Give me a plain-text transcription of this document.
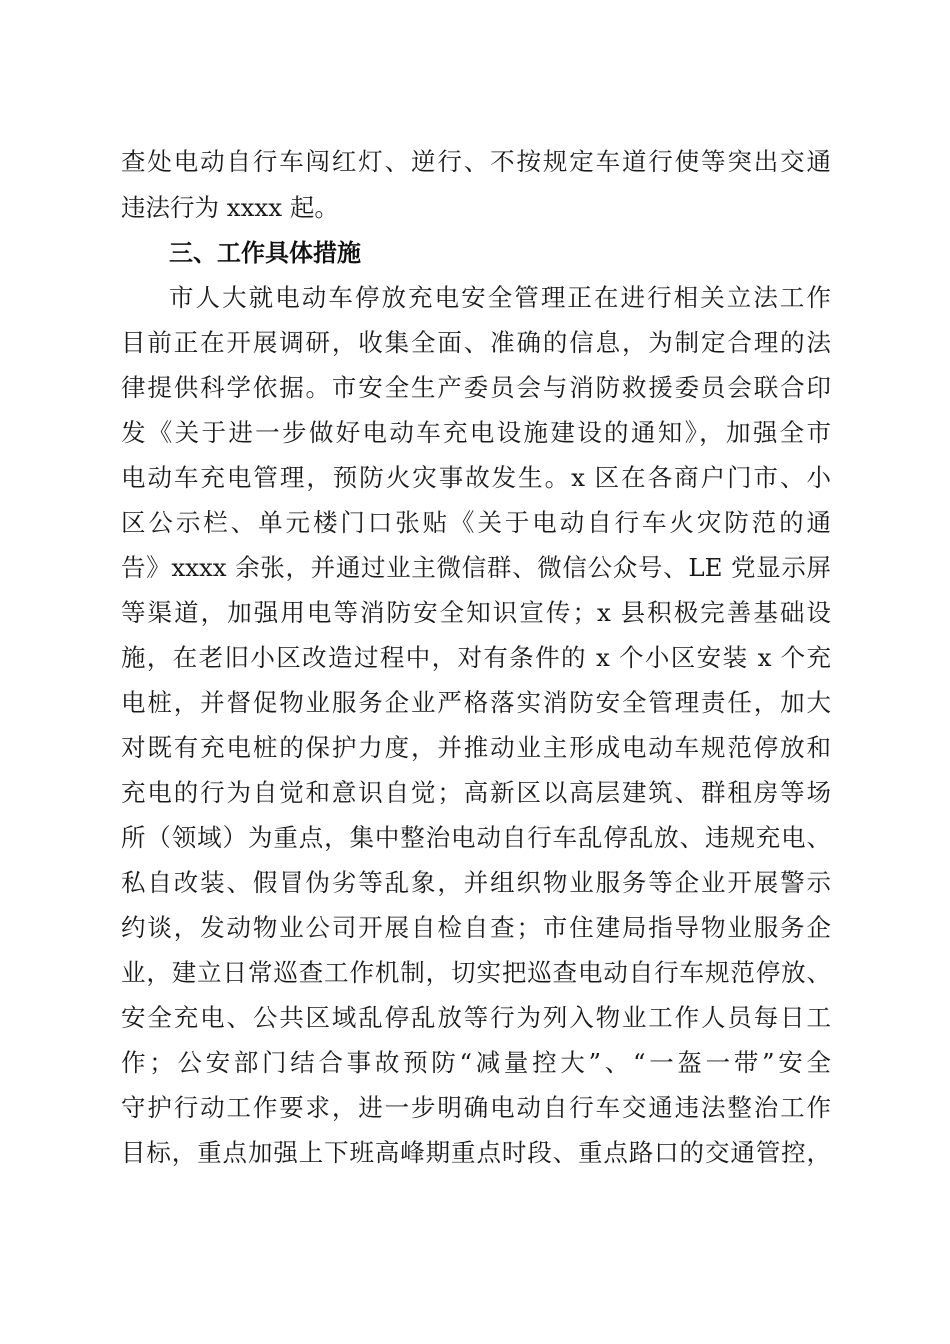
查处电动自行车闯红灯、逆行、不按规定车道行使等突出交通
违法行为 xxxx 起。
三、工作具体措施
市人大就电动车停放充电安全管理正在进行相关立法工作
目前正在开展调研，收集全面、准确的信息，为制定合理的法
律提供科学依据。市安全生产委员会与消防救援委员会联合印
发《关于进一步做好电动车充电设施建设的通知》，加强全市
电动车充电管理，预防火灾事故发生。x 区在各商户门市、小
区公示栏、单元楼门口张贴《关于电动自行车火灾防范的通
告》xxxx 余张，并通过业主微信群、微信公众号、LE 党显示屏
等渠道，加强用电等消防安全知识宣传；x 县积极完善基础设
施，在老旧小区改造过程中，对有条件的 x 个小区安装 x 个充
电桩，并督促物业服务企业严格落实消防安全管理责任，加大
对既有充电桩的保护力度，并推动业主形成电动车规范停放和
充电的行为自觉和意识自觉；高新区以高层建筑、群租房等场
所（领域）为重点，集中整治电动自行车乱停乱放、违规充电、
私自改装、假冒伪劣等乱象，并组织物业服务等企业开展警示
约谈，发动物业公司开展自检自查；市住建局指导物业服务企
业，建立日常巡查工作机制，切实把巡查电动自行车规范停放、
安全充电、公共区域乱停乱放等行为列入物业工作人员每日工
作；公安部门结合事故预防“减量控大”、“一盔一带”安全
守护行动工作要求，进一步明确电动自行车交通违法整治工作
目标，重点加强上下班高峰期重点时段、重点路口的交通管控，
